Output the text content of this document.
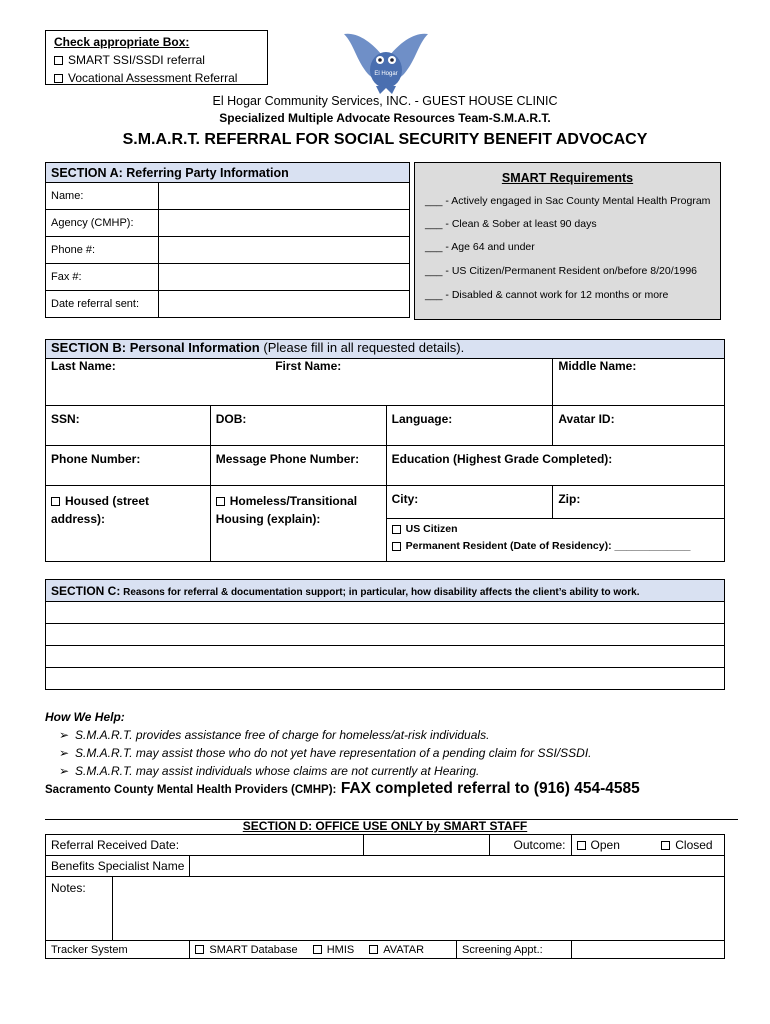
Check appropriate Box:
SMART SSI/SSDI referral
Vocational Assessment Referral	El Hogar
El Hogar Community Services, INC. - GUEST HOUSE CLINIC
Specialized Multiple Advocate Resources Team-S.M.A.R.T.
S.M.A.R.T. REFERRAL FOR SOCIAL SECURITY BENEFIT ADVOCACY
SECTION A: Referring Party Information	
Name:	
Agency (CMHP):	
Phone #:	
Fax #:	
Date referral sent:	
SMART Requirements
___ - Actively engaged in Sac County Mental Health Program
___ - Clean & Sober at least 90 days
___ - Age 64 and under
___ - US Citizen/Permanent Resident on/before 8/20/1996
___ - Disabled & cannot work for 12 months or more
SECTION B: Personal Information (Please fill in all requested details).			
Last Name:	First Name:		Middle Name:
SSN:	DOB:	Language:	Avatar ID:
Phone Number:	Message Phone Number:	Education (Highest Grade Completed):	
Housed (street address):	Homeless/Transitional Housing (explain):	City:	Zip:

		US Citizen
Permanent Resident (Date of Residency): _____________	
SECTION C: Reasons for referral & documentation support; in particular, how disability affects the client’s ability to work.

How We Help:
➢ S.M.A.R.T. provides assistance free of charge for homeless/at-risk individuals.
➢ S.M.A.R.T. may assist those who do not yet have representation of a pending claim for SSI/SSDI.
➢ S.M.A.R.T. may assist individuals whose claims are not currently at Hearing.
Sacramento County Mental Health Providers (CMHP): FAX completed referral to (916) 454-4585
SECTION D: OFFICE USE ONLY by SMART STAFF
Referral Received Date:					Outcome:	Open Closed
Benefits Specialist Name						
Notes:						
Tracker System		SMART Database HMIS AVATAR		Screening Appt.:		
